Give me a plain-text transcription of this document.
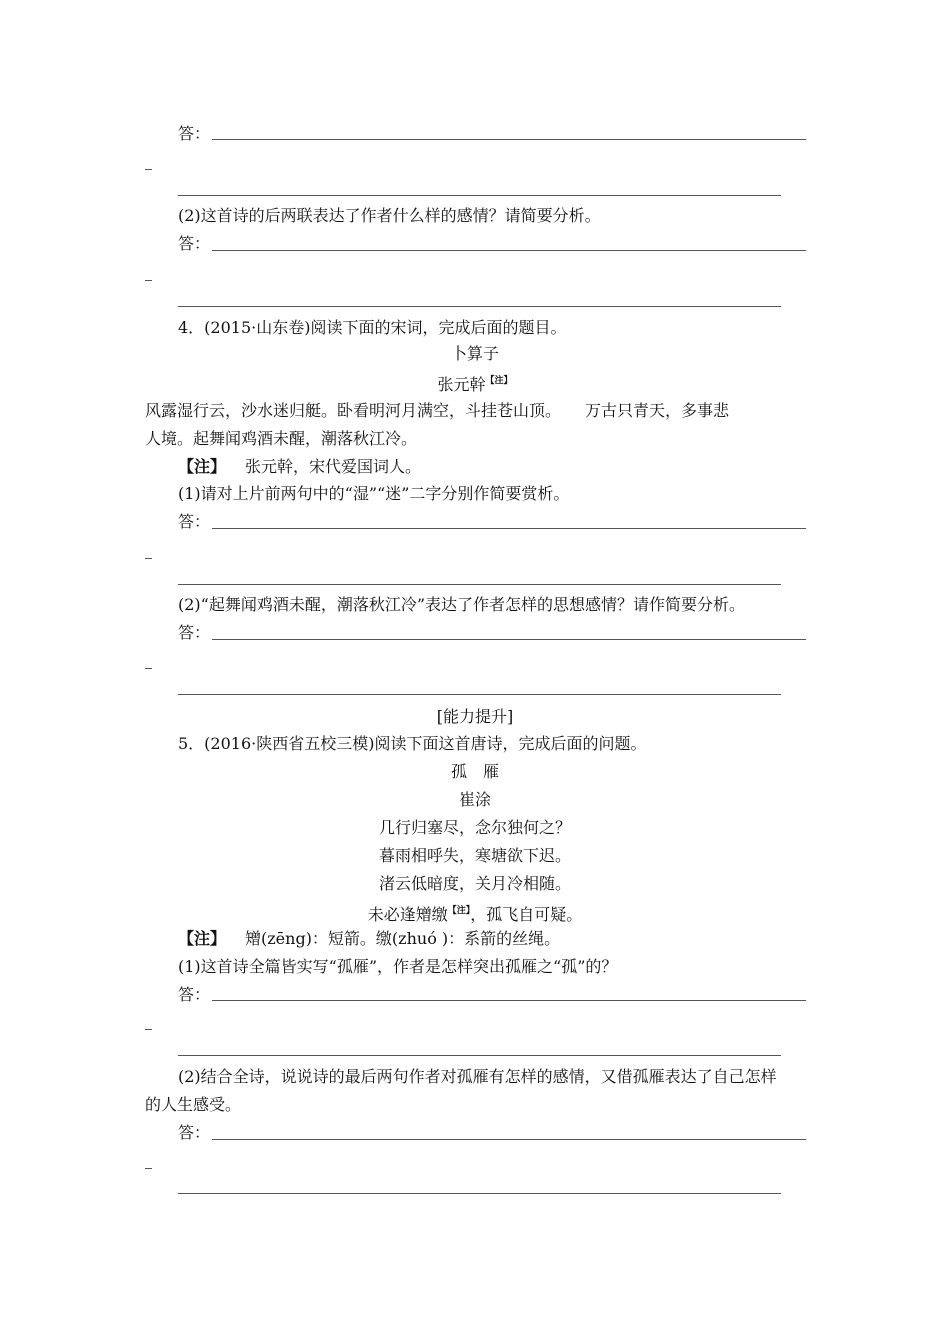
答：
(2)这首诗的后两联表达了作者什么样的感情？请简要分析。
答：
4．(2015·山东卷)阅读下面的宋词，完成后面的题目。
卜算子
张元幹$^{【注】}$
风露湿行云，沙水迷归艇。卧看明河月满空，斗挂苍山顶。　　万古只青天，多事悲
人境。起舞闻鸡酒未醒，潮落秋江冷。
【注】 张元幹，宋代爱国词人。
(1)请对上片前两句中的“湿”“迷”二字分别作简要赏析。
答：
(2)“起舞闻鸡酒未醒，潮落秋江冷”表达了作者怎样的思想感情？请作简要分析。
答：
[能力提升]
5．(2016·陕西省五校三模)阅读下面这首唐诗，完成后面的问题。
孤　雁
崔涂
几行归塞尽，念尔独何之？
暮雨相呼失，寒塘欲下迟。
渚云低暗度，关月冷相随。
未必逢矰缴$^{【注】}$，孤飞自可疑。
【注】 矰(zēng)：短箭。缴(zhuó )：系箭的丝绳。
(1)这首诗全篇皆实写“孤雁”，作者是怎样突出孤雁之“孤”的？
答：
(2)结合全诗，说说诗的最后两句作者对孤雁有怎样的感情，又借孤雁表达了自己怎样
的人生感受。
答：
